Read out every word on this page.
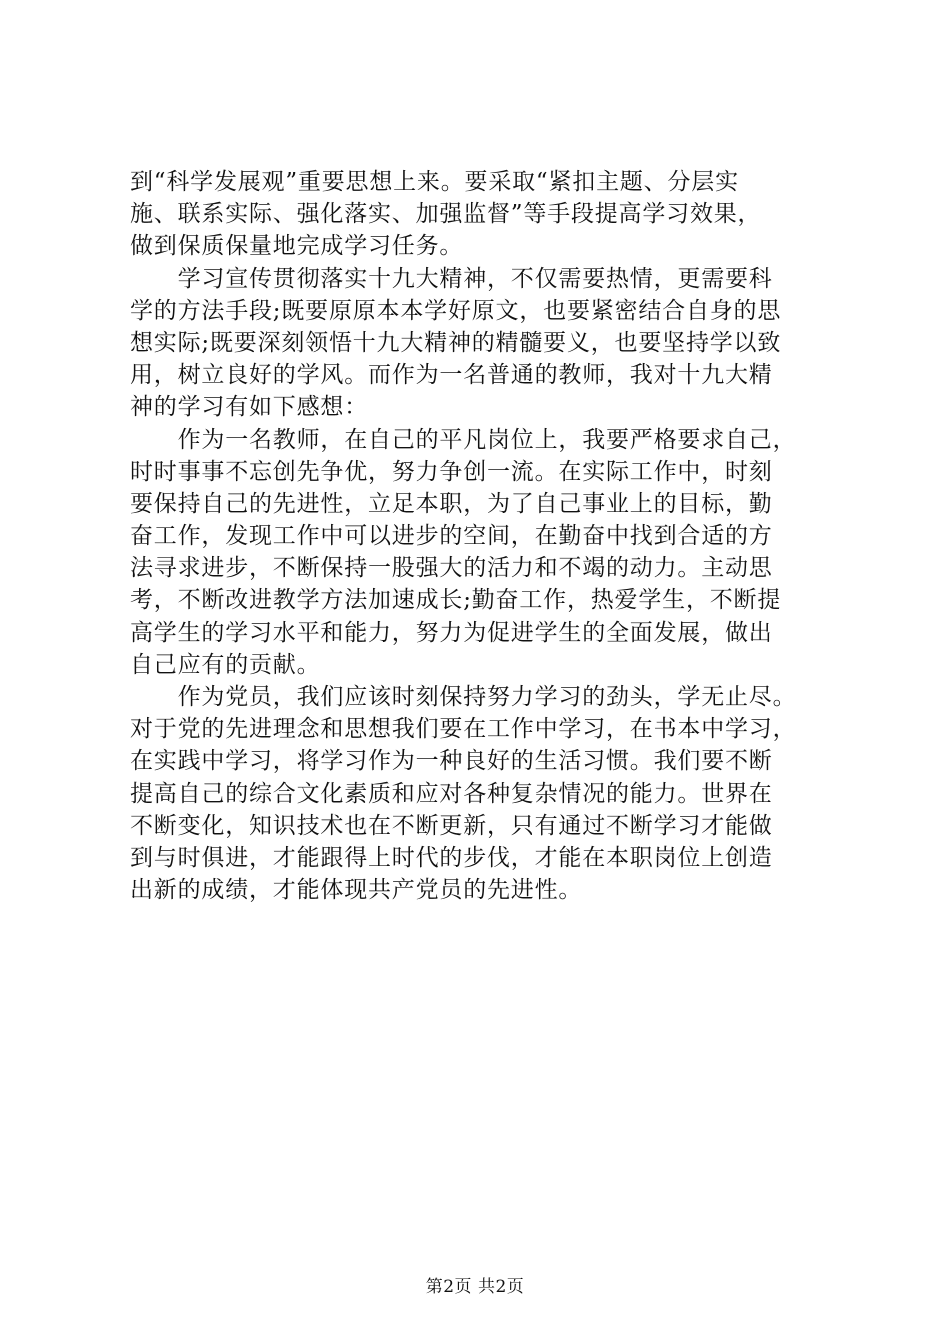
到“科学发展观”重要思想上来。要采取“紧扣主题、分层实
施、联系实际、强化落实、加强监督”等手段提高学习效果，
做到保质保量地完成学习任务。
　　学习宣传贯彻落实十九大精神，不仅需要热情，更需要科
学的方法手段;既要原原本本学好原文，也要紧密结合自身的思
想实际;既要深刻领悟十九大精神的精髓要义，也要坚持学以致
用，树立良好的学风。而作为一名普通的教师，我对十九大精
神的学习有如下感想：
　　作为一名教师，在自己的平凡岗位上，我要严格要求自己，
时时事事不忘创先争优，努力争创一流。在实际工作中，时刻
要保持自己的先进性，立足本职，为了自己事业上的目标，勤
奋工作，发现工作中可以进步的空间，在勤奋中找到合适的方
法寻求进步，不断保持一股强大的活力和不竭的动力。主动思
考，不断改进教学方法加速成长;勤奋工作，热爱学生，不断提
高学生的学习水平和能力，努力为促进学生的全面发展，做出
自己应有的贡献。
　　作为党员，我们应该时刻保持努力学习的劲头，学无止尽。
对于党的先进理念和思想我们要在工作中学习，在书本中学习，
在实践中学习，将学习作为一种良好的生活习惯。我们要不断
提高自己的综合文化素质和应对各种复杂情况的能力。世界在
不断变化，知识技术也在不断更新，只有通过不断学习才能做
到与时俱进，才能跟得上时代的步伐，才能在本职岗位上创造
出新的成绩，才能体现共产党员的先进性。
第2页 共2页
